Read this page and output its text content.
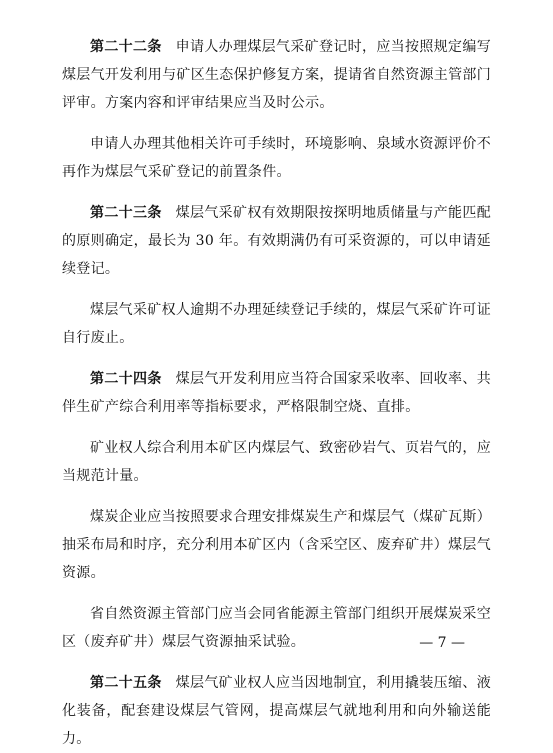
第二十二条 申请人办理煤层气采矿登记时，应当按照规定编写煤层气开发利用与矿区生态保护修复方案，提请省自然资源主管部门评审。方案内容和评审结果应当及时公示。

申请人办理其他相关许可手续时，环境影响、泉域水资源评价不再作为煤层气采矿登记的前置条件。

第二十三条 煤层气采矿权有效期限按探明地质储量与产能匹配的原则确定，最长为 30 年。有效期满仍有可采资源的，可以申请延续登记。

煤层气采矿权人逾期不办理延续登记手续的，煤层气采矿许可证自行废止。

第二十四条 煤层气开发利用应当符合国家采收率、回收率、共伴生矿产综合利用率等指标要求，严格限制空烧、直排。

矿业权人综合利用本矿区内煤层气、致密砂岩气、页岩气的，应当规范计量。

煤炭企业应当按照要求合理安排煤炭生产和煤层气（煤矿瓦斯）抽采布局和时序，充分利用本矿区内（含采空区、废弃矿井）煤层气资源。

省自然资源主管部门应当会同省能源主管部门组织开展煤炭采空区（废弃矿井）煤层气资源抽采试验。

第二十五条 煤层气矿业权人应当因地制宜，利用撬装压缩、液化装备，配套建设煤层气管网，提高煤层气就地利用和向外输送能力。

— 7 —
